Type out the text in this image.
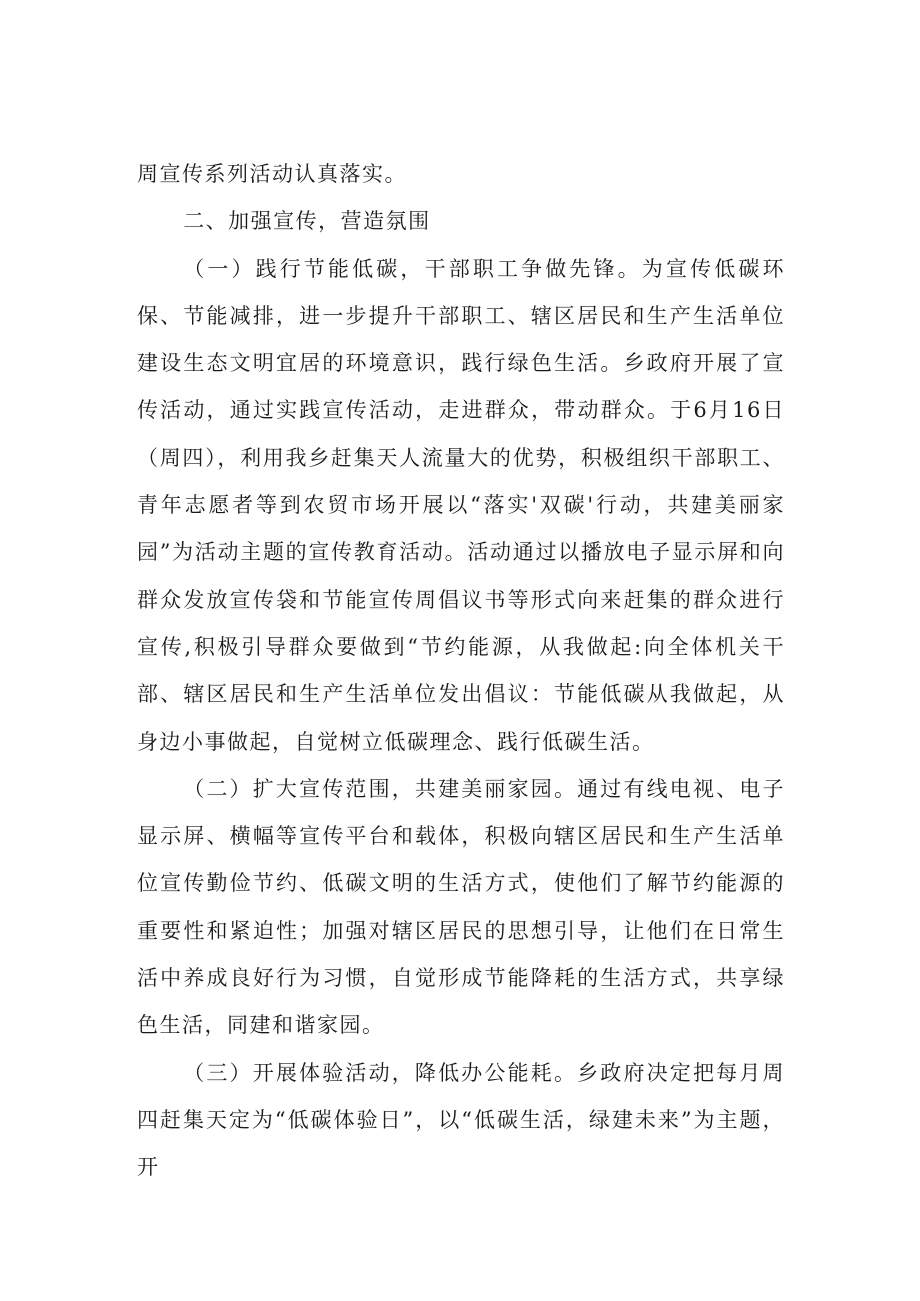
周宣传系列活动认真落实。

二、加强宣传，营造氛围

（一）践行节能低碳，干部职工争做先锋。为宣传低碳环保、节能减排，进一步提升干部职工、辖区居民和生产生活单位建设生态文明宜居的环境意识，践行绿色生活。乡政府开展了宣传活动，通过实践宣传活动，走进群众，带动群众。于6月16日（周四），利用我乡赶集天人流量大的优势，积极组织干部职工、青年志愿者等到农贸市场开展以“落实'双碳'行动，共建美丽家园”为活动主题的宣传教育活动。活动通过以播放电子显示屏和向群众发放宣传袋和节能宣传周倡议书等形式向来赶集的群众进行宣传,积极引导群众要做到“节约能源，从我做起:向全体机关干部、辖区居民和生产生活单位发出倡议：节能低碳从我做起，从身边小事做起，自觉树立低碳理念、践行低碳生活。

（二）扩大宣传范围，共建美丽家园。通过有线电视、电子显示屏、横幅等宣传平台和载体，积极向辖区居民和生产生活单位宣传勤俭节约、低碳文明的生活方式，使他们了解节约能源的重要性和紧迫性；加强对辖区居民的思想引导，让他们在日常生活中养成良好行为习惯，自觉形成节能降耗的生活方式，共享绿色生活，同建和谐家园。

（三）开展体验活动，降低办公能耗。乡政府决定把每月周四赶集天定为“低碳体验日”，以“低碳生活，绿建未来”为主题，开
